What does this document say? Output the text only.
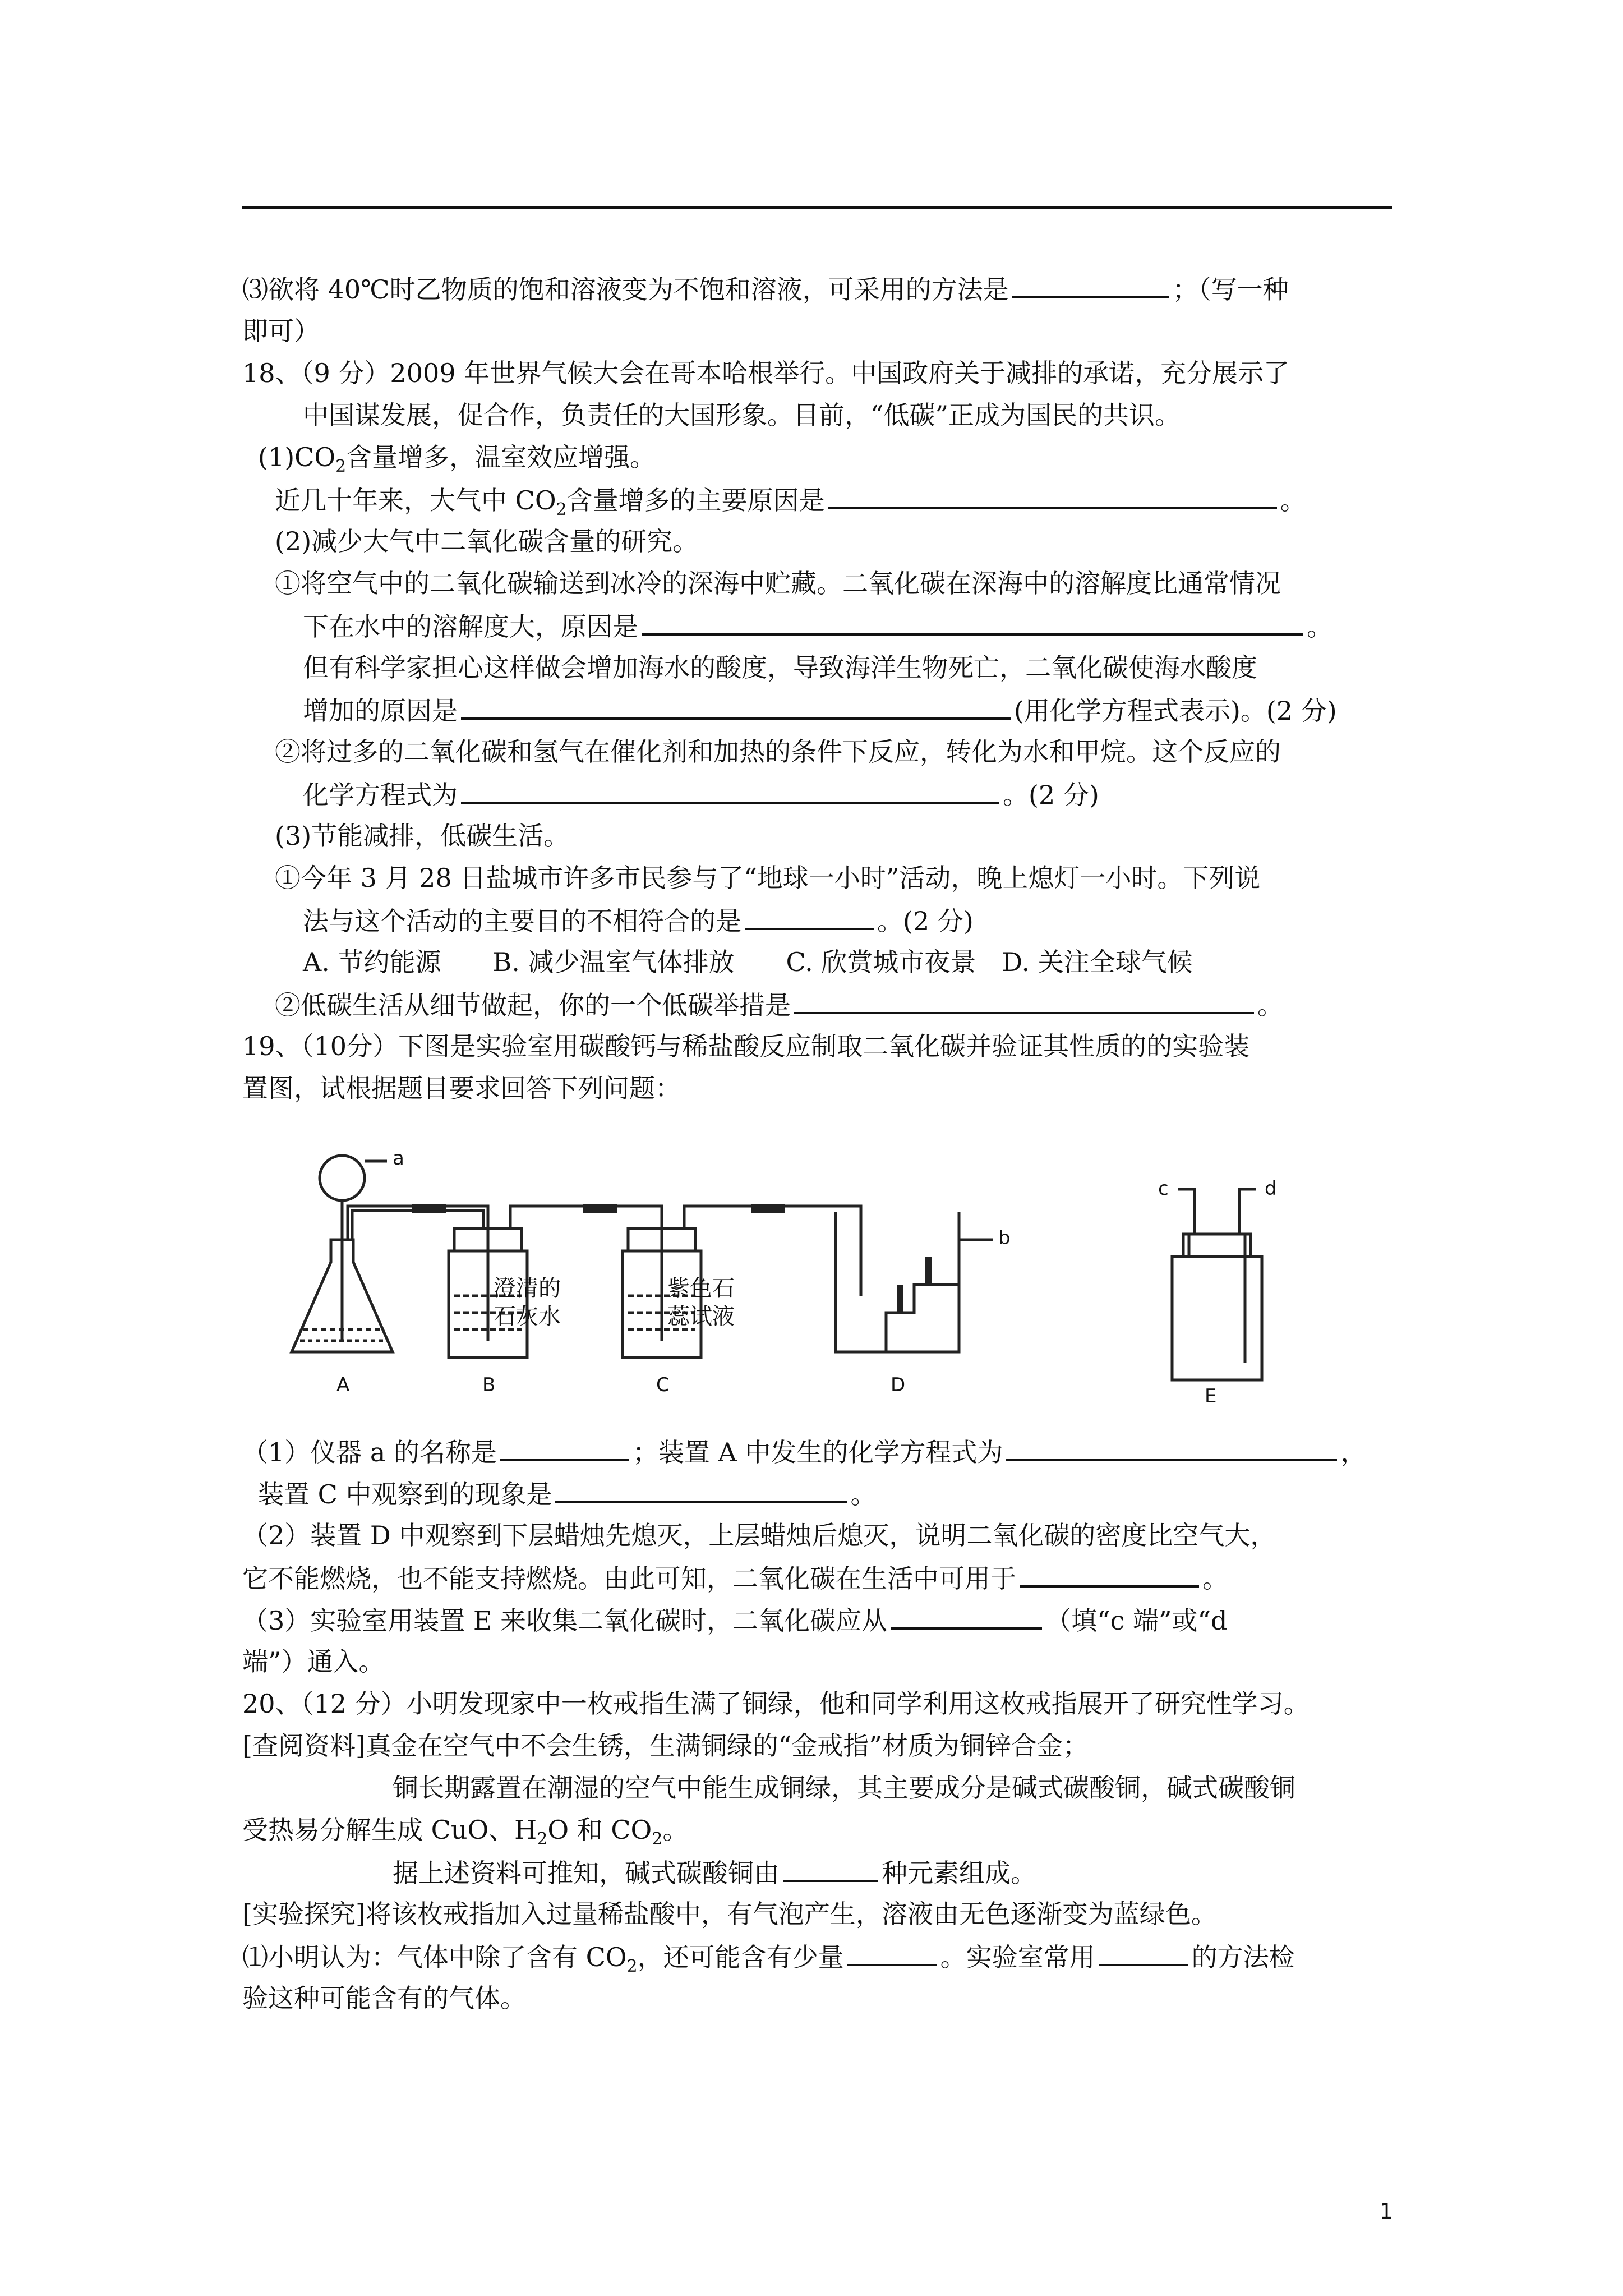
⑶欲将 40℃时乙物质的饱和溶液变为不饱和溶液，可采用的方法是	；（写一种
即可）
18、（9 分）2009 年世界气候大会在哥本哈根举行。中国政府关于减排的承诺，充分展示了
中国谋发展，促合作，负责任的大国形象。目前，“低碳”正成为国民的共识。
$(1)CO_2$含量增多，温室效应增强。
近几十年来，大气中 $CO_2$含量增多的主要原因是	。
(2)减少大气中二氧化碳含量的研究。
①将空气中的二氧化碳输送到冰冷的深海中贮藏。二氧化碳在深海中的溶解度比通常情况
下在水中的溶解度大，原因是	。
但有科学家担心这样做会增加海水的酸度，导致海洋生物死亡，二氧化碳使海水酸度
增加的原因是	(用化学方程式表示)。(2 分)
②将过多的二氧化碳和氢气在催化剂和加热的条件下反应，转化为水和甲烷。这个反应的
化学方程式为	。(2 分)
(3)节能减排，低碳生活。
①今年 3 月 28 日盐城市许多市民参与了“地球一小时”活动，晚上熄灯一小时。下列说
法与这个活动的主要目的不相符合的是	。(2 分)
A. 节约能源　　B. 减少温室气体排放　　C. 欣赏城市夜景　D. 关注全球气候
②低碳生活从细节做起，你的一个低碳举措是	。
19、（10分）下图是实验室用碳酸钙与稀盐酸反应制取二氧化碳并验证其性质的的实验装
置图，试根据题目要求回答下列问题：
a
b
c	d
A	B	C	D	E
澄清的
石灰水
紫色石
蕊试液
（1）仪器 a 的名称是	；装置 A 中发生的化学方程式为	，
装置 C 中观察到的现象是	。
（2）装置 D 中观察到下层蜡烛先熄灭，上层蜡烛后熄灭，说明二氧化碳的密度比空气大，
它不能燃烧，也不能支持燃烧。由此可知，二氧化碳在生活中可用于	。
（3）实验室用装置 E 来收集二氧化碳时，二氧化碳应从	（填“c 端”或“d
端”）通入。
20、（12 分）小明发现家中一枚戒指生满了铜绿，他和同学利用这枚戒指展开了研究性学习。
[查阅资料]真金在空气中不会生锈，生满铜绿的“金戒指”材质为铜锌合金；
铜长期露置在潮湿的空气中能生成铜绿，其主要成分是碱式碳酸铜，碱式碳酸铜
受热易分解生成 CuO、$H_2O$ 和 $CO_2$。
据上述资料可推知，碱式碳酸铜由	种元素组成。
[实验探究]将该枚戒指加入过量稀盐酸中，有气泡产生，溶液由无色逐渐变为蓝绿色。
⑴小明认为：气体中除了含有 $CO_2$，还可能含有少量	。实验室常用	的方法检
验这种可能含有的气体。
1
